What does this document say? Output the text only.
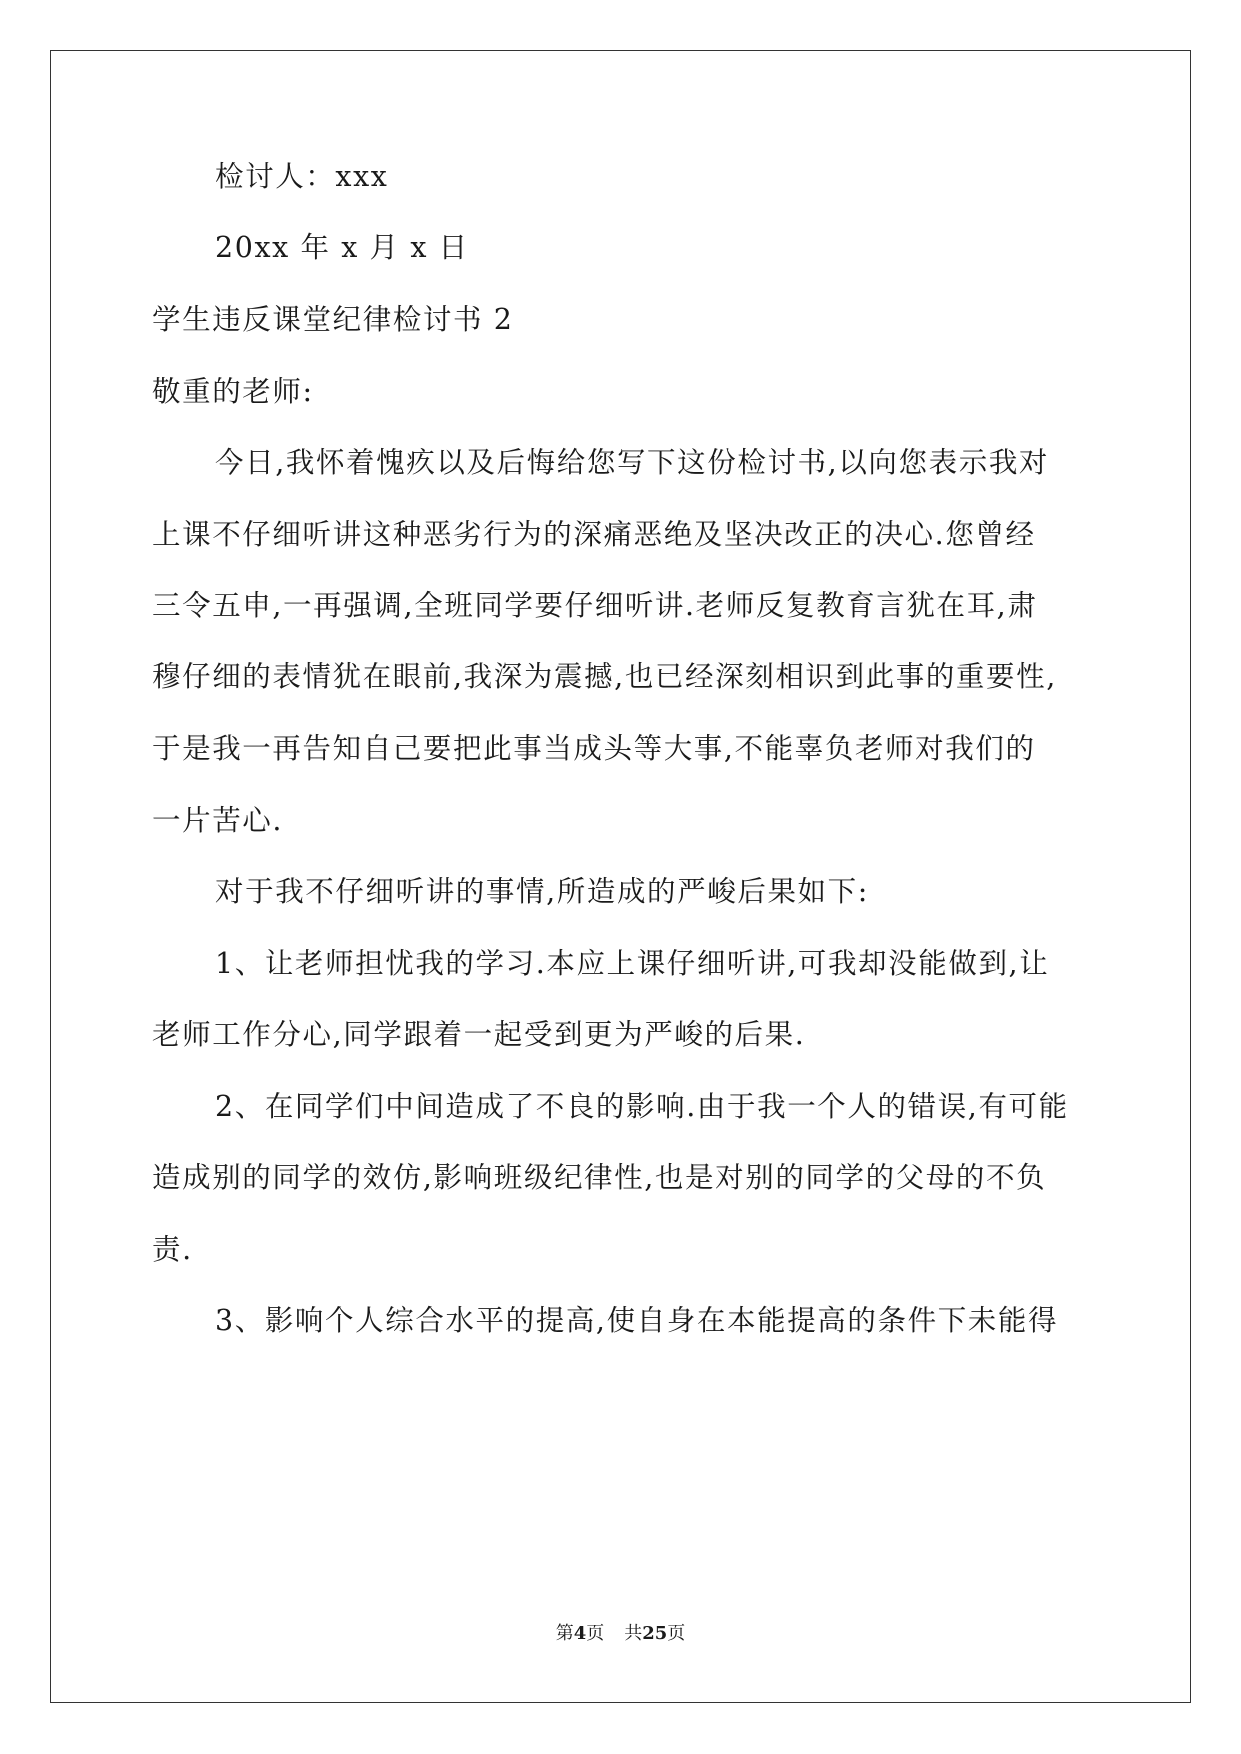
检讨人：xxx
20xx 年 x 月 x 日
学生违反课堂纪律检讨书 2
敬重的老师:
今日,我怀着愧疚以及后悔给您写下这份检讨书,以向您表示我对
上课不仔细听讲这种恶劣行为的深痛恶绝及坚决改正的决心.您曾经
三令五申,一再强调,全班同学要仔细听讲.老师反复教育言犹在耳,肃
穆仔细的表情犹在眼前,我深为震撼,也已经深刻相识到此事的重要性,
于是我一再告知自己要把此事当成头等大事,不能辜负老师对我们的
一片苦心.
对于我不仔细听讲的事情,所造成的严峻后果如下:
1、让老师担忧我的学习.本应上课仔细听讲,可我却没能做到,让
老师工作分心,同学跟着一起受到更为严峻的后果.
2、在同学们中间造成了不良的影响.由于我一个人的错误,有可能
造成别的同学的效仿,影响班级纪律性,也是对别的同学的父母的不负
责.
3、影响个人综合水平的提高,使自身在本能提高的条件下未能得
第4页 共25页
